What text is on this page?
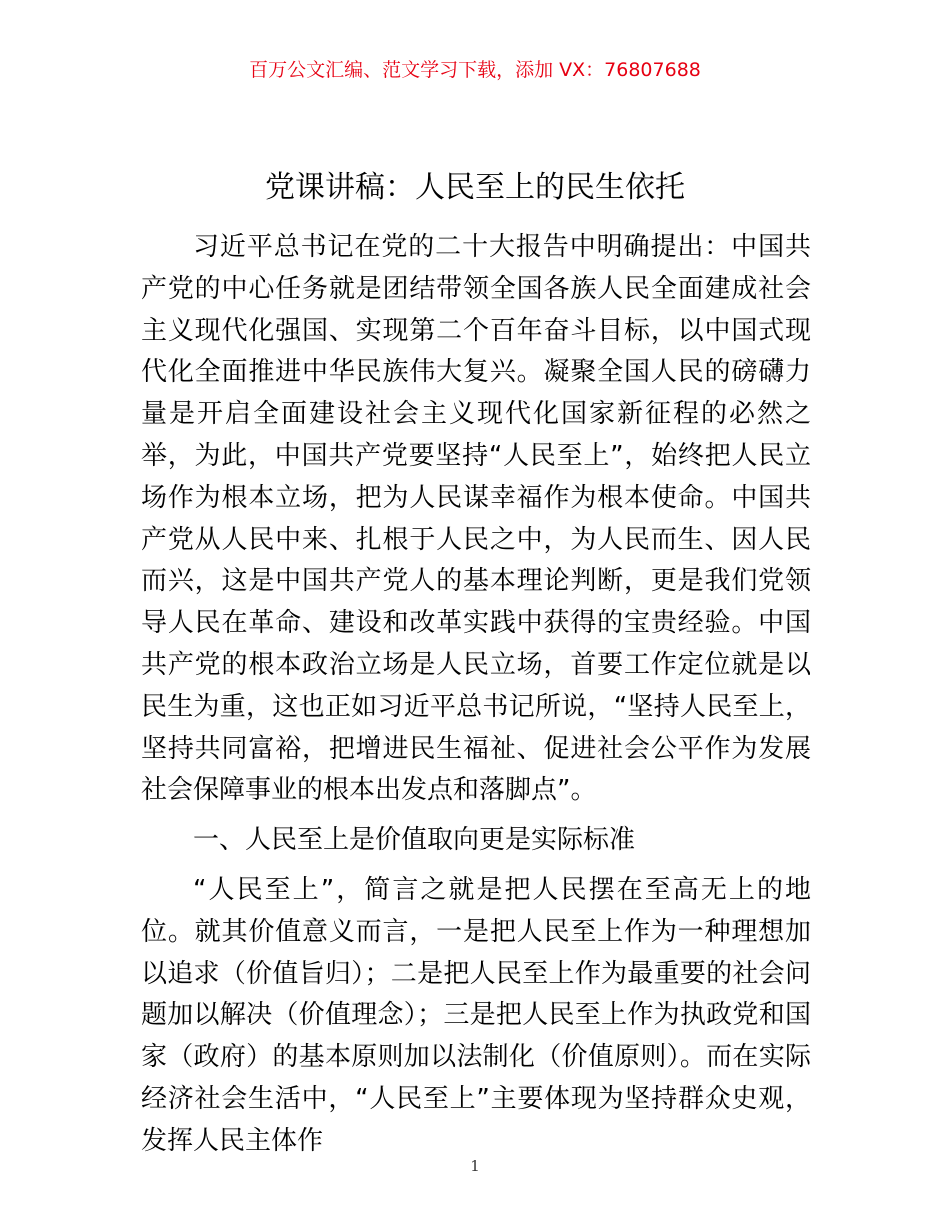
百万公文汇编、范文学习下载，添加 VX：76807688
党课讲稿：人民至上的民生依托

习近平总书记在党的二十大报告中明确提出：中国共产党的中心任务就是团结带领全国各族人民全面建成社会主义现代化强国、实现第二个百年奋斗目标，以中国式现代化全面推进中华民族伟大复兴。凝聚全国人民的磅礴力量是开启全面建设社会主义现代化国家新征程的必然之举，为此，中国共产党要坚持“人民至上”，始终把人民立场作为根本立场，把为人民谋幸福作为根本使命。中国共产党从人民中来、扎根于人民之中，为人民而生、因人民而兴，这是中国共产党人的基本理论判断，更是我们党领导人民在革命、建设和改革实践中获得的宝贵经验。中国共产党的根本政治立场是人民立场，首要工作定位就是以民生为重，这也正如习近平总书记所说，“坚持人民至上，坚持共同富裕，把增进民生福祉、促进社会公平作为发展社会保障事业的根本出发点和落脚点”。

一、人民至上是价值取向更是实际标准

“人民至上”，简言之就是把人民摆在至高无上的地位。就其价值意义而言，一是把人民至上作为一种理想加以追求（价值旨归）；二是把人民至上作为最重要的社会问题加以解决（价值理念）；三是把人民至上作为执政党和国家（政府）的基本原则加以法制化（价值原则）。而在实际经济社会生活中，“人民至上”主要体现为坚持群众史观，发挥人民主体作

1
